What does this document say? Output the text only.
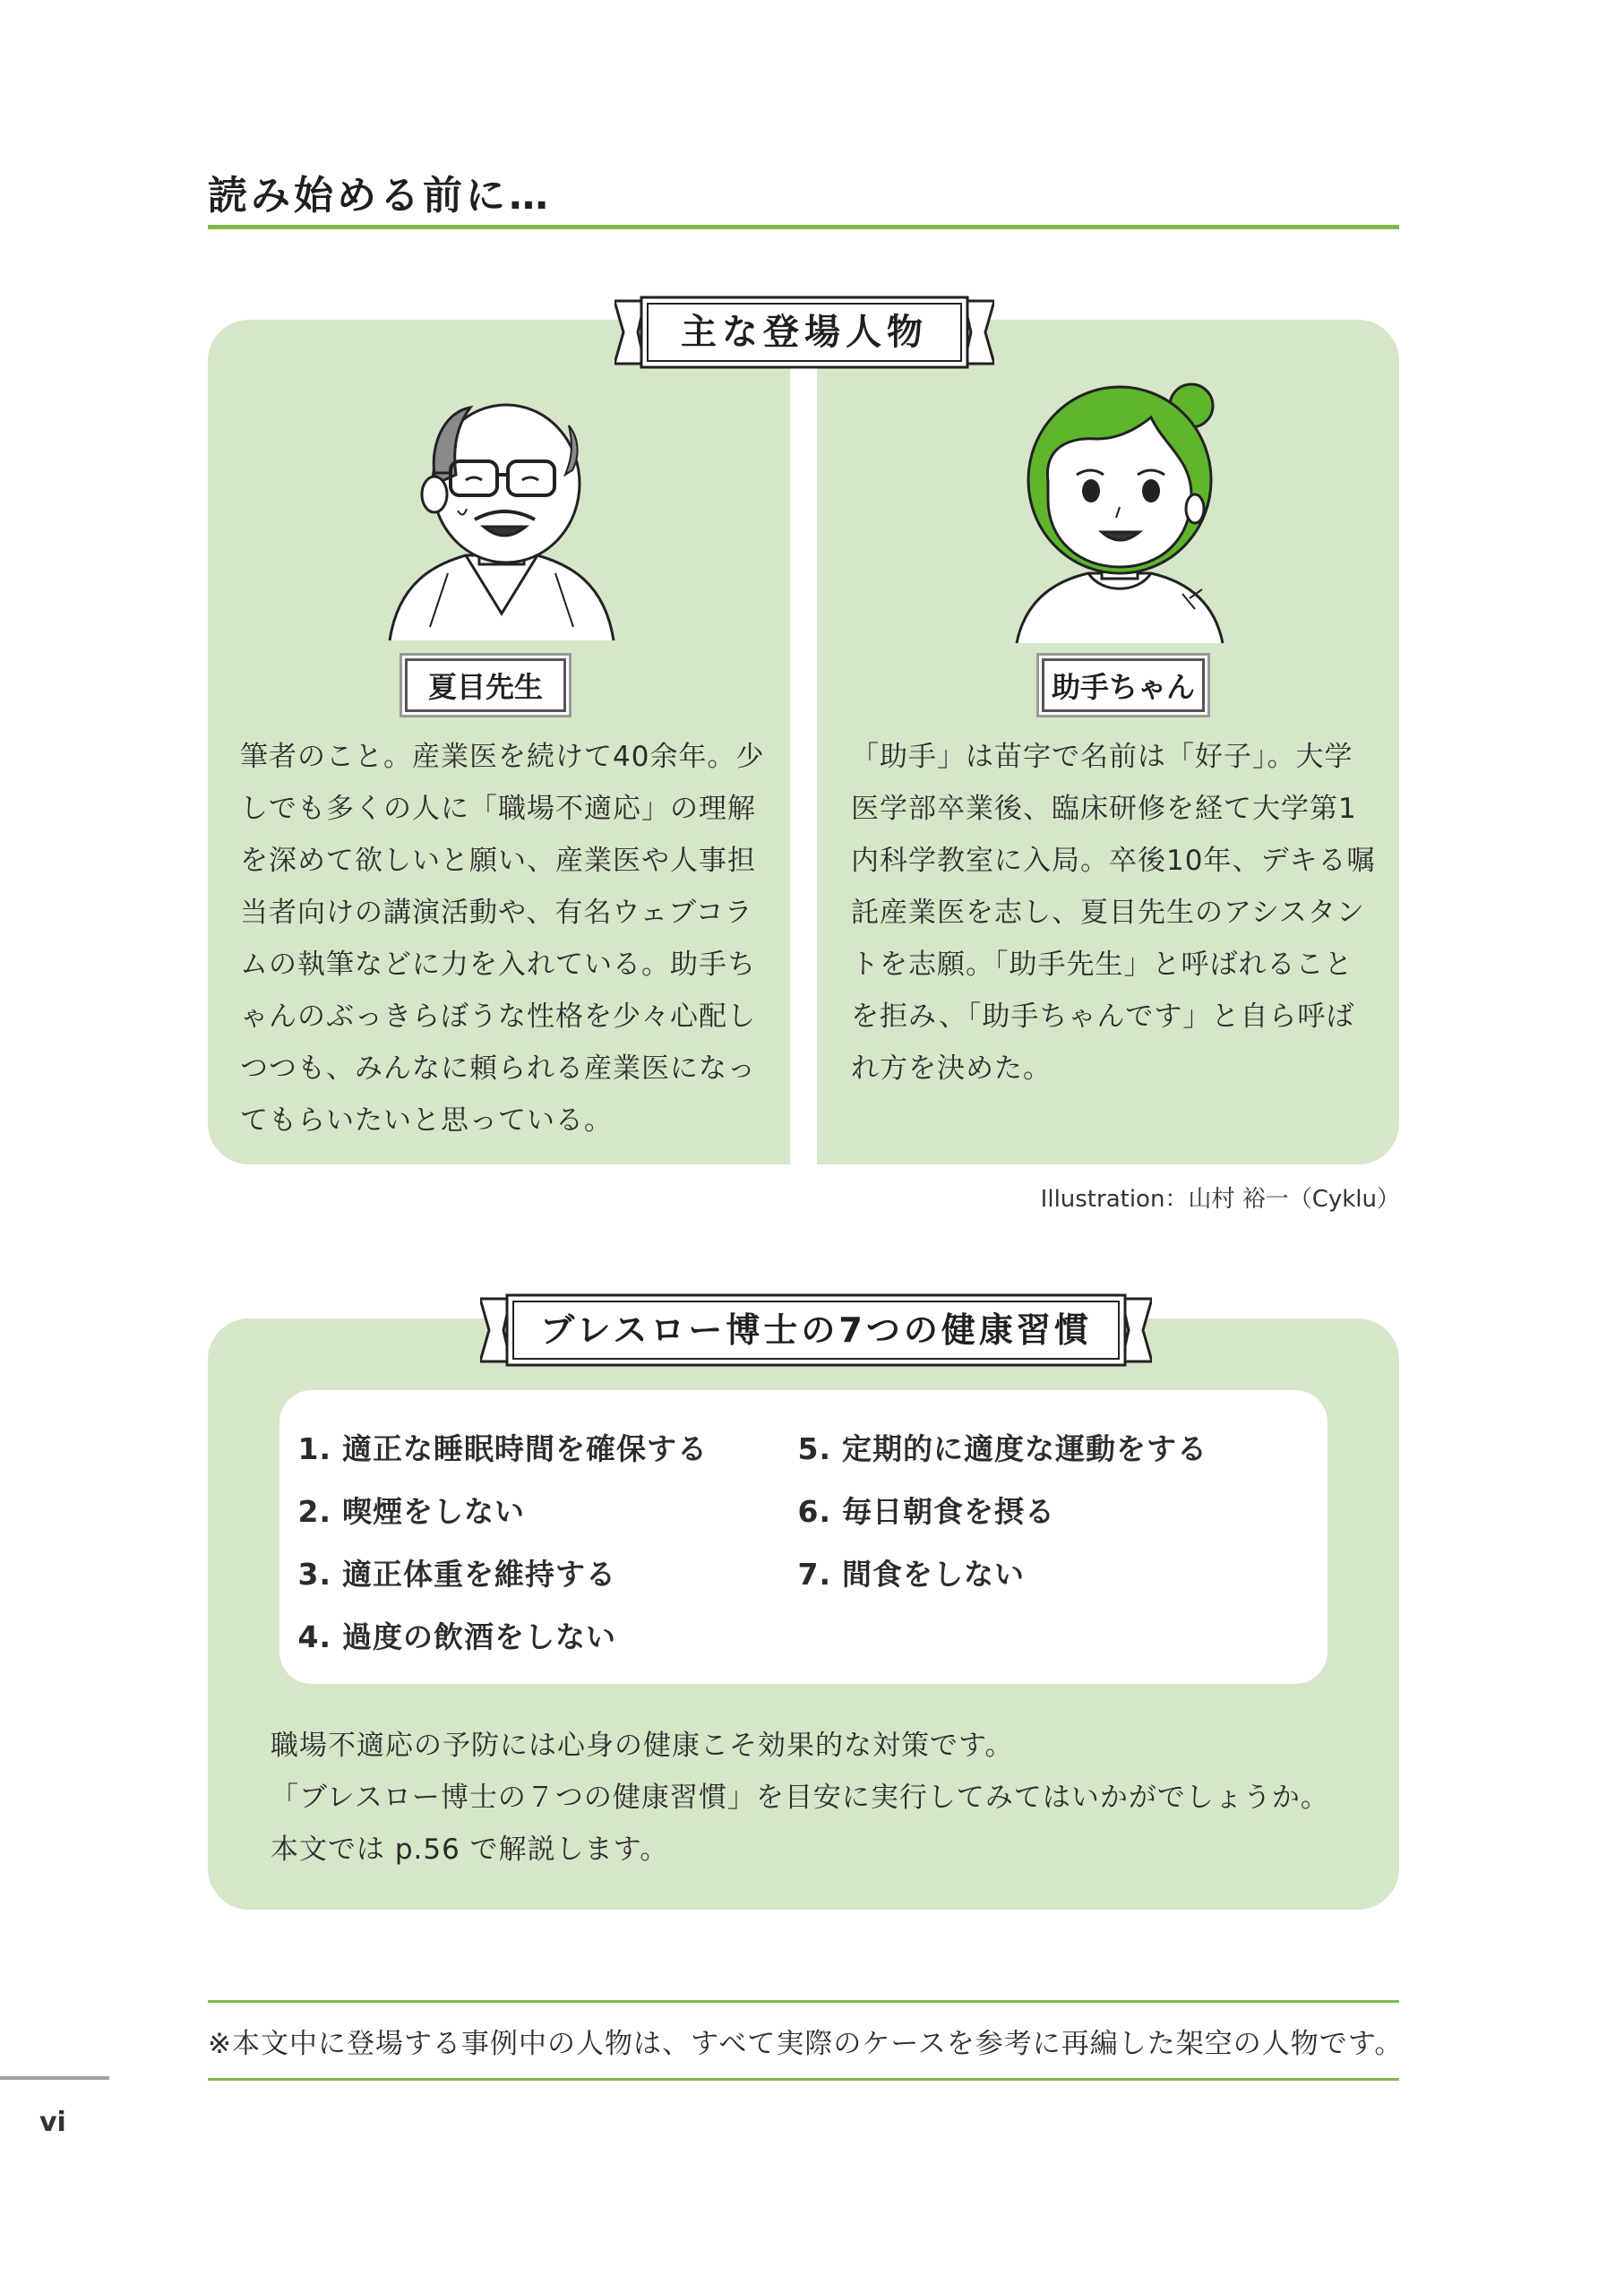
読み始める前に…
主な登場人物
夏目先生	助手ちゃん
筆者のこと。産業医を続けて40余年。少しでも多くの人に「職場不適応」の理解を深めて欲しいと願い、産業医や人事担当者向けの講演活動や、有名ウェブコラムの執筆などに力を入れている。助手ちゃんのぶっきらぼうな性格を少々心配しつつも、みんなに頼られる産業医になってもらいたいと思っている。
「助手」は苗字で名前は「好子」。大学医学部卒業後、臨床研修を経て大学第1内科学教室に入局。卒後10年、デキる嘱託産業医を志し、夏目先生のアシスタントを志願。「助手先生」と呼ばれることを拒み、「助手ちゃんです」と自ら呼ばれ方を決めた。
Illustration：山村 裕一（Cyklu）
ブレスロー博士の7つの健康習慣
1. 適正な睡眠時間を確保する
2. 喫煙をしない
3. 適正体重を維持する
4. 過度の飲酒をしない
5. 定期的に適度な運動をする
6. 毎日朝食を摂る
7. 間食をしない
職場不適応の予防には心身の健康こそ効果的な対策です。
「ブレスロー博士の７つの健康習慣」を目安に実行してみてはいかがでしょうか。
本文では p.56 で解説します。
※本文中に登場する事例中の人物は、すべて実際のケースを参考に再編した架空の人物です。
vi
